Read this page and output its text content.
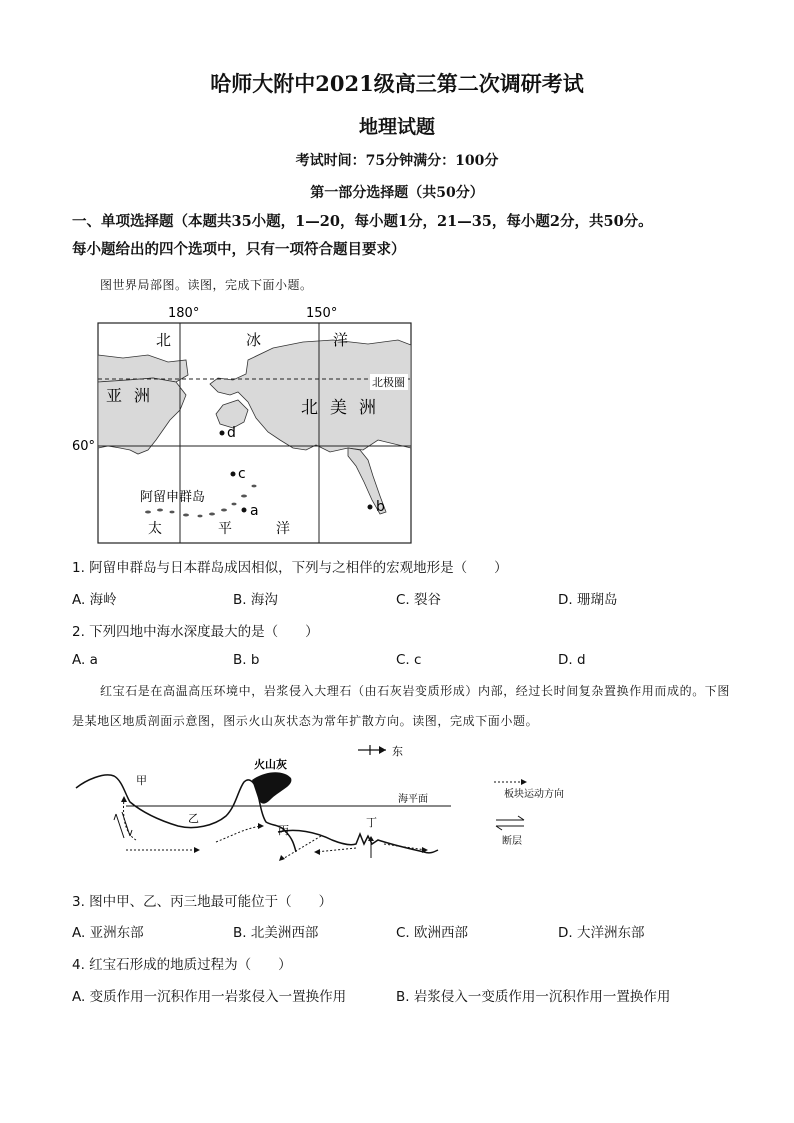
哈师大附中2021级高三第二次调研考试
地理试题
考试时间：75分钟满分：100分
第一部分选择题（共50分）
一、单项选择题（本题共35小题，1—20，每小题1分，21—35，每小题2分，共50分。
每小题给出的四个选项中，只有一项符合题目要求）
图世界局部图。读图，完成下面小题。
180°	150°
60°
北	冰	洋
亚 洲
北 美 洲
北极圈
阿留申群岛
太	平	洋
d
c
a	b
1. 阿留申群岛与日本群岛成因相似，下列与之相伴的宏观地形是（　　）
A. 海岭	B. 海沟	C. 裂谷	D. 珊瑚岛
2. 下列四地中海水深度最大的是（　　）
A. a	B. b	C. c	D. d
红宝石是在高温高压环境中，岩浆侵入大理石（由石灰岩变质形成）内部，经过长时间复杂置换作用而成的。下图是某地区地质剖面示意图，图示火山灰状态为常年扩散方向。读图，完成下面小题。
东
火山灰
海平面
甲
乙
丙
丁
板块运动方向
断层
3. 图中甲、乙、丙三地最可能位于（　　）
A. 亚洲东部	B. 北美洲西部	C. 欧洲西部	D. 大洋洲东部
4. 红宝石形成的地质过程为（　　）
A. 变质作用一沉积作用一岩浆侵入一置换作用	B. 岩浆侵入一变质作用一沉积作用一置换作用
